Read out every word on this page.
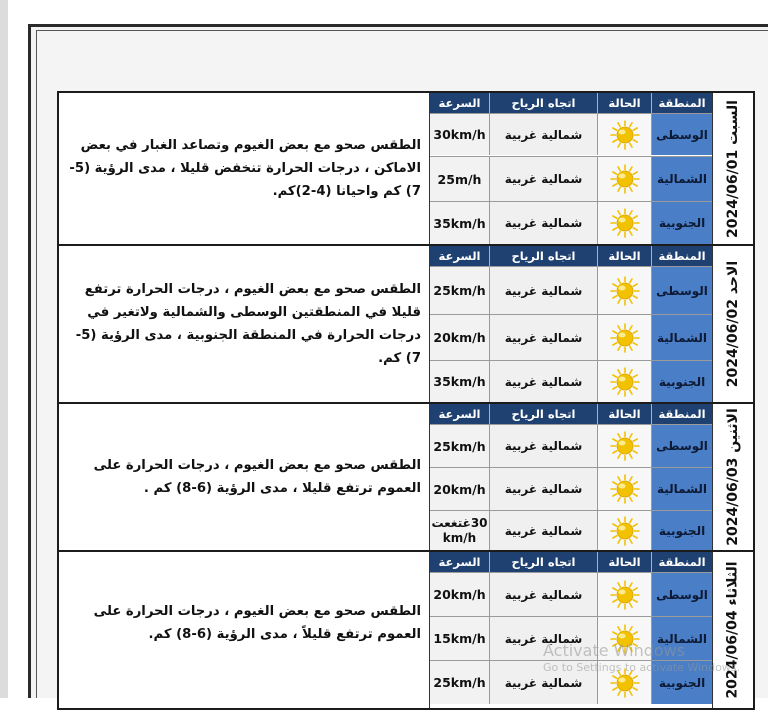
الطقس صحو مع بعض الغيوم وتصاعد الغبار في بعض الاماكن ، درجات الحرارة تنخفض قليلا ، مدى الرؤية (5-7) كم واحيانا (4-2)كم.
السرعة	اتجاه الرياح	الحالة	المنطقة
30km/h	شمالية غربية	الوسطى
25m/h	شمالية غربية	الشمالية
35km/h	شمالية غربية	الجنوبية	السبت 2024/06/01
الطقس صحو مع بعض الغيوم ، درجات الحرارة ترتفع قليلا في المنطقتين الوسطى والشمالية ولاتغير في درجات الحرارة في المنطقة الجنوبية ، مدى الرؤية (5-7) كم.
السرعة	اتجاه الرياح	الحالة	المنطقة
25km/h	شمالية غربية	الوسطى
20km/h	شمالية غربية	الشمالية
35km/h	شمالية غربية	الجنوبية	الاحد 2024/06/02
الطقس صحو مع بعض الغيوم ، درجات الحرارة على العموم ترتفع قليلا ، مدى الرؤية (6-8) كم .
السرعة	اتجاه الرياح	الحالة	المنطقة
25km/h	شمالية غربية	الوسطى
20km/h	شمالية غربية	الشمالية
30غتغعت km/h	شمالية غربية	الجنوبية	الاثنين 2024/06/03
الطقس صحو مع بعض الغيوم ، درجات الحرارة على العموم ترتفع قليلاً ، مدى الرؤية (6-8) كم.
السرعة	اتجاه الرياح	الحالة	المنطقة
20km/h	شمالية غربية	الوسطى
15km/h	شمالية غربية	الشمالية
25km/h	شمالية غربية	الجنوبية	الثلاثاء 2024/06/04
Activate Windows
Go to Settings to activate Windows.
